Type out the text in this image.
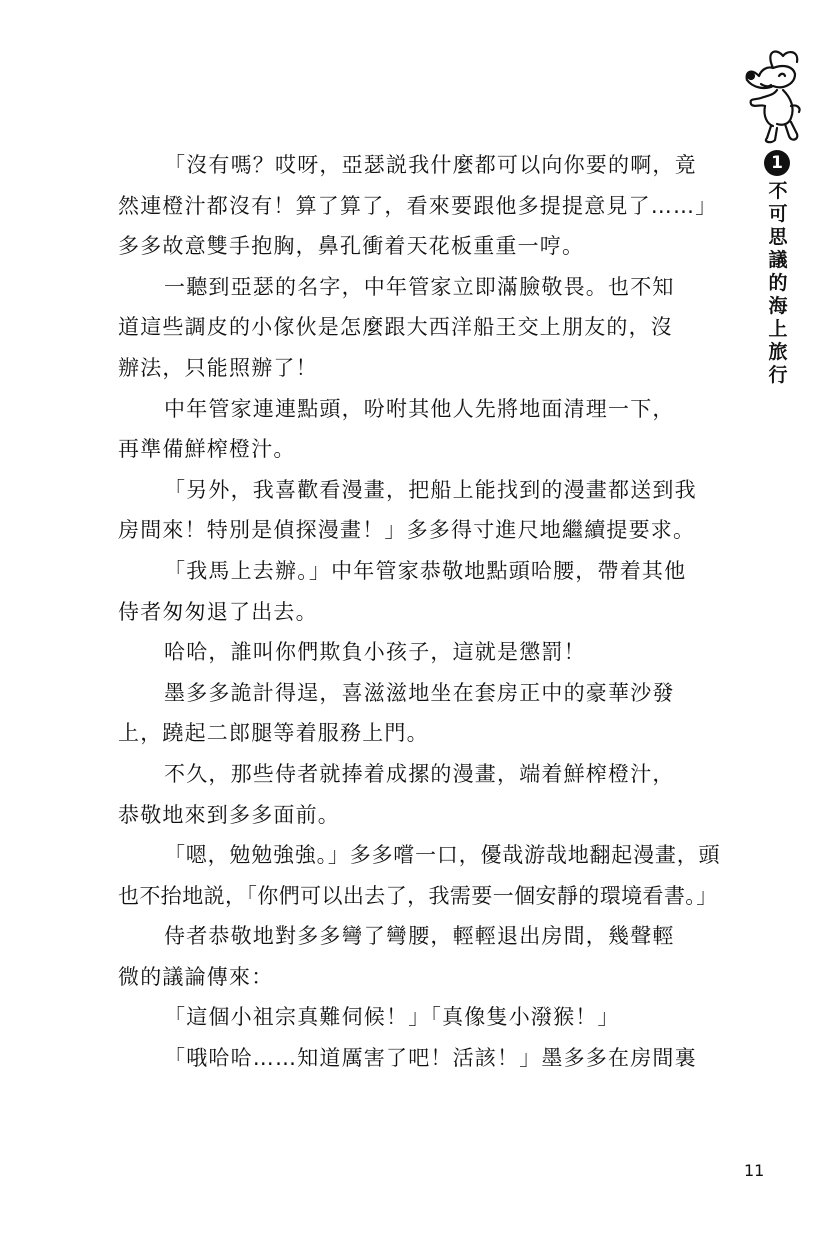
1
不可思議的海上旅行
「沒有嗎？哎呀，亞瑟説我什麼都可以向你要的啊，竟
然連橙汁都沒有！算了算了，看來要跟他多提提意見了……」
多多故意雙手抱胸，鼻孔衝着天花板重重一哼。
一聽到亞瑟的名字，中年管家立即滿臉敬畏。也不知
道這些調皮的小傢伙是怎麼跟大西洋船王交上朋友的，沒
辦法，只能照辦了！
中年管家連連點頭，吩咐其他人先將地面清理一下，
再準備鮮榨橙汁。
「另外，我喜歡看漫畫，把船上能找到的漫畫都送到我
房間來！特別是偵探漫畫！」多多得寸進尺地繼續提要求。
「我馬上去辦。」中年管家恭敬地點頭哈腰，帶着其他
侍者匆匆退了出去。
哈哈，誰叫你們欺負小孩子，這就是懲罰！
墨多多詭計得逞，喜滋滋地坐在套房正中的豪華沙發
上，蹺起二郎腿等着服務上門。
不久，那些侍者就捧着成摞的漫畫，端着鮮榨橙汁，
恭敬地來到多多面前。
「嗯，勉勉強強。」多多嚐一口，優哉游哉地翻起漫畫，頭
也不抬地説，「你們可以出去了，我需要一個安靜的環境看書。」
侍者恭敬地對多多彎了彎腰，輕輕退出房間，幾聲輕
微的議論傳來：
「這個小祖宗真難伺候！」「真像隻小潑猴！」
「哦哈哈……知道厲害了吧！活該！」墨多多在房間裏
11
